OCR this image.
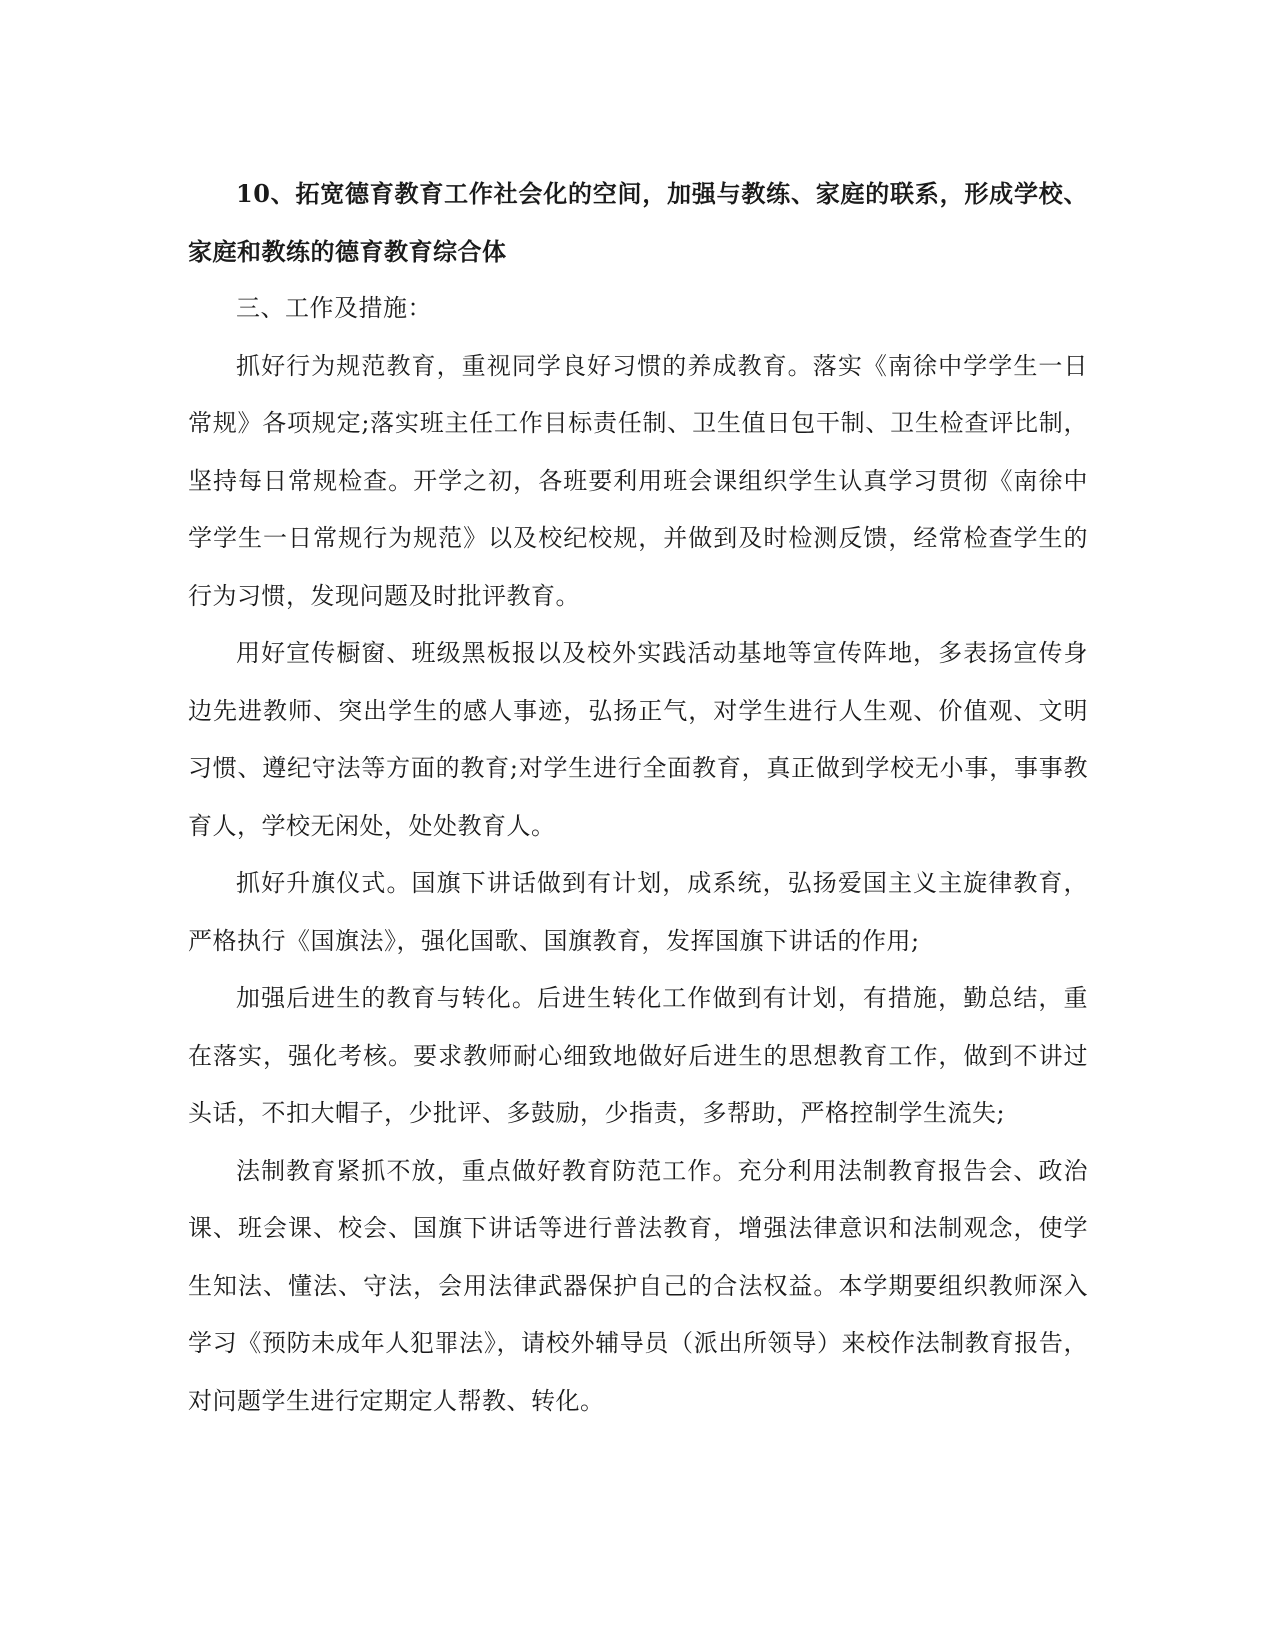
10、拓宽德育教育工作社会化的空间，加强与教练、家庭的联系，形成学校、家庭和教练的德育教育综合体

三、工作及措施：

抓好行为规范教育，重视同学良好习惯的养成教育。落实《南徐中学学生一日常规》各项规定;落实班主任工作目标责任制、卫生值日包干制、卫生检查评比制，坚持每日常规检查。开学之初，各班要利用班会课组织学生认真学习贯彻《南徐中学学生一日常规行为规范》以及校纪校规，并做到及时检测反馈，经常检查学生的行为习惯，发现问题及时批评教育。

用好宣传橱窗、班级黑板报以及校外实践活动基地等宣传阵地，多表扬宣传身边先进教师、突出学生的感人事迹，弘扬正气，对学生进行人生观、价值观、文明习惯、遵纪守法等方面的教育;对学生进行全面教育，真正做到学校无小事，事事教育人，学校无闲处，处处教育人。

抓好升旗仪式。国旗下讲话做到有计划，成系统，弘扬爱国主义主旋律教育，严格执行《国旗法》，强化国歌、国旗教育，发挥国旗下讲话的作用;

加强后进生的教育与转化。后进生转化工作做到有计划，有措施，勤总结，重在落实，强化考核。要求教师耐心细致地做好后进生的思想教育工作，做到不讲过头话，不扣大帽子，少批评、多鼓励，少指责，多帮助，严格控制学生流失;

法制教育紧抓不放，重点做好教育防范工作。充分利用法制教育报告会、政治课、班会课、校会、国旗下讲话等进行普法教育，增强法律意识和法制观念，使学生知法、懂法、守法，会用法律武器保护自己的合法权益。本学期要组织教师深入学习《预防未成年人犯罪法》，请校外辅导员（派出所领导）来校作法制教育报告，对问题学生进行定期定人帮教、转化。
